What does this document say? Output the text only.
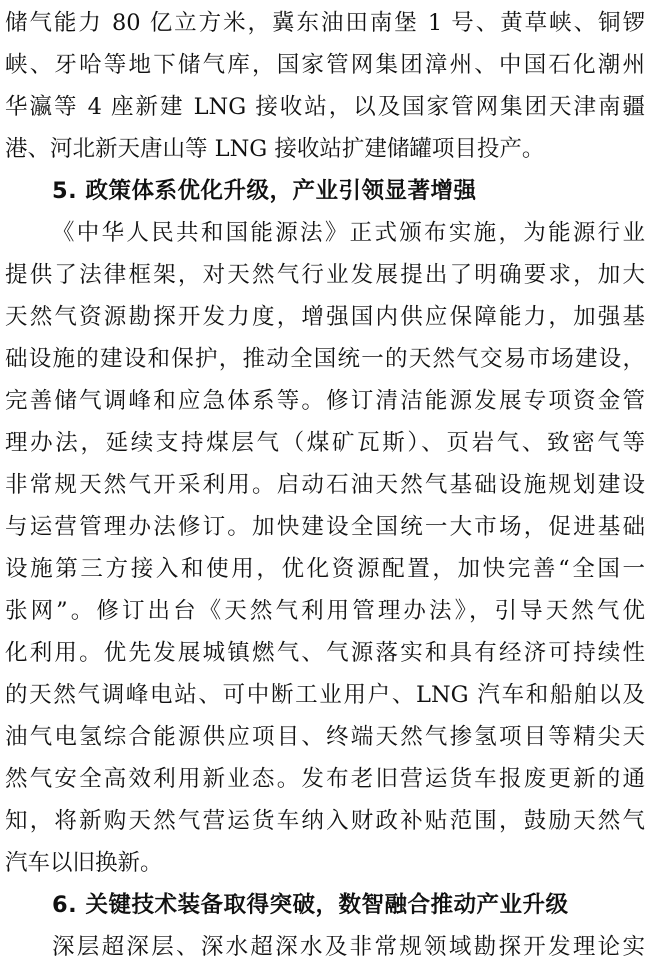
储气能力 80 亿立方米，冀东油田南堡 1 号、黄草峡、铜锣
峡、牙哈等地下储气库，国家管网集团漳州、中国石化潮州
华瀛等 4 座新建 LNG 接收站，以及国家管网集团天津南疆
港、河北新天唐山等 LNG 接收站扩建储罐项目投产。
5. 政策体系优化升级，产业引领显著增强
《中华人民共和国能源法》正式颁布实施，为能源行业
提供了法律框架，对天然气行业发展提出了明确要求，加大
天然气资源勘探开发力度，增强国内供应保障能力，加强基
础设施的建设和保护，推动全国统一的天然气交易市场建设，
完善储气调峰和应急体系等。修订清洁能源发展专项资金管
理办法，延续支持煤层气（煤矿瓦斯）、页岩气、致密气等
非常规天然气开采利用。启动石油天然气基础设施规划建设
与运营管理办法修订。加快建设全国统一大市场，促进基础
设施第三方接入和使用，优化资源配置，加快完善“全国一
张网”。修订出台《天然气利用管理办法》，引导天然气优
化利用。优先发展城镇燃气、气源落实和具有经济可持续性
的天然气调峰电站、可中断工业用户、LNG 汽车和船舶以及
油气电氢综合能源供应项目、终端天然气掺氢项目等精尖天
然气安全高效利用新业态。发布老旧营运货车报废更新的通
知，将新购天然气营运货车纳入财政补贴范围，鼓励天然气
汽车以旧换新。
6. 关键技术装备取得突破，数智融合推动产业升级
深层超深层、深水超深水及非常规领域勘探开发理论实
